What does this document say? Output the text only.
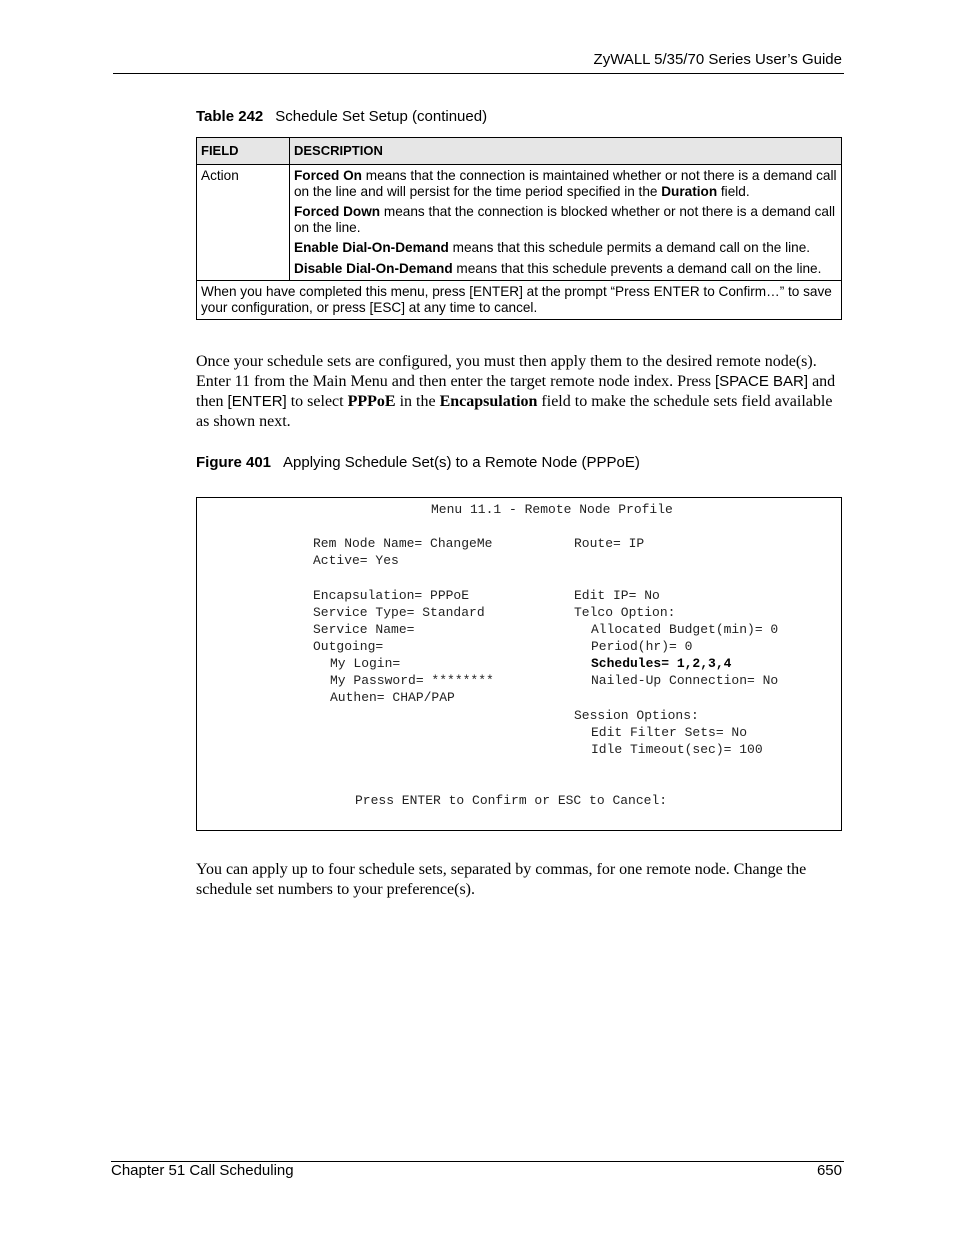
ZyWALL 5/35/70 Series User’s Guide
Table 242 Schedule Set Setup (continued)
FIELD	DESCRIPTION
Action	Forced On means that the connection is maintained whether or not there is a demand call on the line and will persist for the time period specified in the Duration field.

Forced Down means that the connection is blocked whether or not there is a demand call on the line.

Enable Dial-On-Demand means that this schedule permits a demand call on the line.

Disable Dial-On-Demand means that this schedule prevents a demand call on the line.

When you have completed this menu, press [ENTER] at the prompt “Press ENTER to Confirm…” to save your configuration, or press [ESC] at any time to cancel.	
Once your schedule sets are configured, you must then apply them to the desired remote node(s). Enter 11 from the Main Menu and then enter the target remote node index. Press [SPACE BAR] and then [ENTER] to select PPPoE in the Encapsulation field to make the schedule sets field available as shown next.
Figure 401 Applying Schedule Set(s) to a Remote Node (PPPoE)
Menu 11.1 - Remote Node Profile
Rem Node Name= ChangeMe	Route= IP
Active= Yes
Encapsulation= PPPoE	Edit IP= No
Service Type= Standard	Telco Option:
Service Name=	Allocated Budget(min)= 0
Outgoing=	Period(hr)= 0
My Login=	Schedules= 1,2,3,4
My Password= ********	Nailed-Up Connection= No
Authen= CHAP/PAP
Session Options:
Edit Filter Sets= No
Idle Timeout(sec)= 100
Press ENTER to Confirm or ESC to Cancel:
You can apply up to four schedule sets, separated by commas, for one remote node. Change the schedule set numbers to your preference(s).
Chapter 51 Call Scheduling	650
